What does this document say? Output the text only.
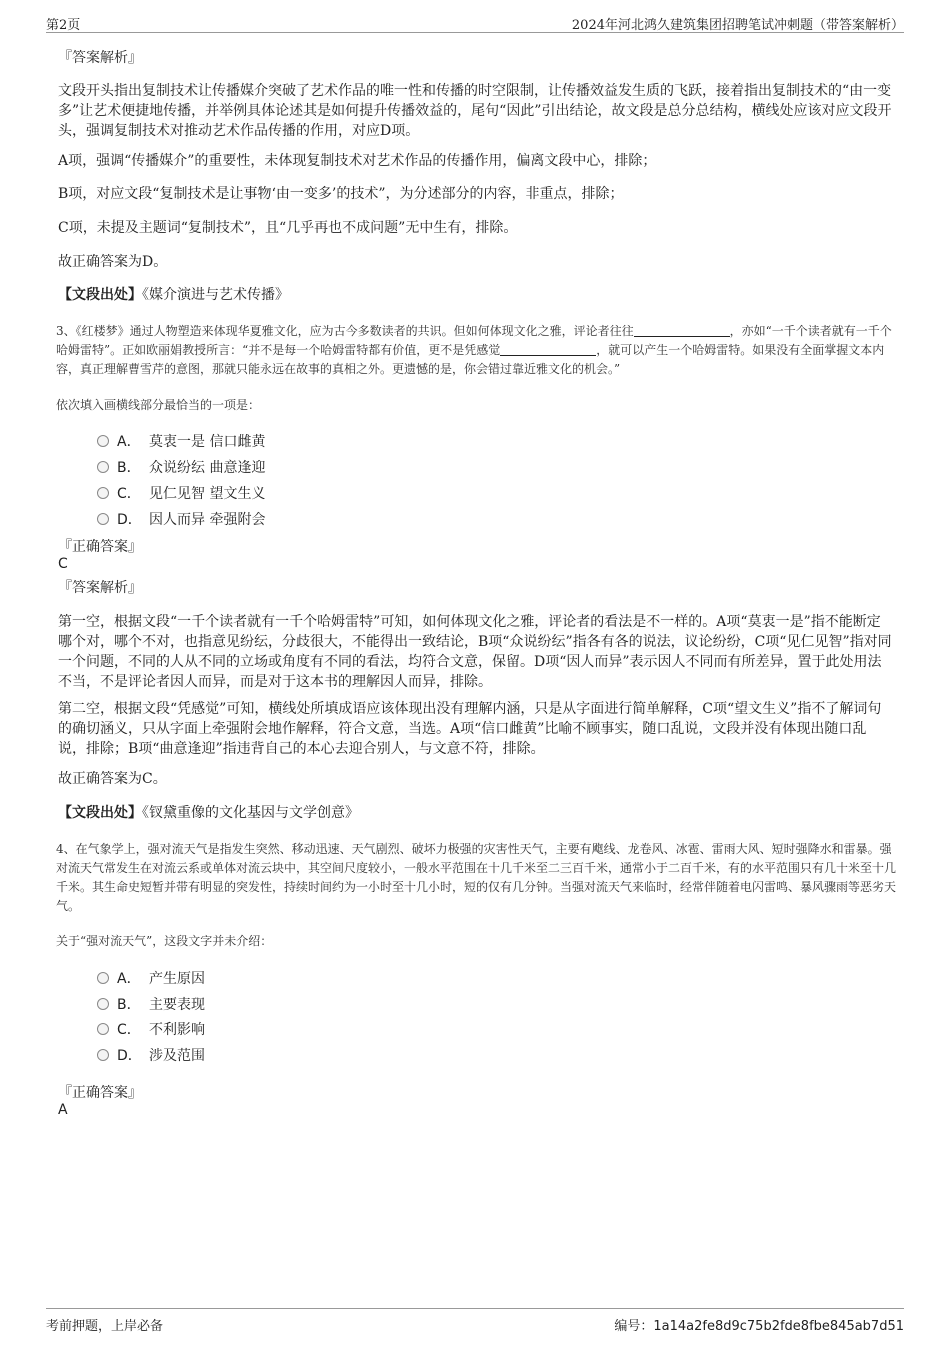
第2页	2024年河北鸿久建筑集团招聘笔试冲刺题（带答案解析）
『答案解析』
文段开头指出复制技术让传播媒介突破了艺术作品的唯一性和传播的时空限制，让传播效益发生质的飞跃，接着指出复制技术的“由一变多”让艺术便捷地传播，并举例具体论述其是如何提升传播效益的，尾句“因此”引出结论，故文段是总分总结构，横线处应该对应文段开头，强调复制技术对推动艺术作品传播的作用，对应D项。
A项，强调“传播媒介”的重要性，未体现复制技术对艺术作品的传播作用，偏离文段中心，排除；
B项，对应文段“复制技术是让事物‘由一变多’的技术”，为分述部分的内容，非重点，排除；
C项，未提及主题词“复制技术”，且“几乎再也不成问题”无中生有，排除。
故正确答案为D。
【文段出处】《媒介演进与艺术传播》
3、《红楼梦》通过人物塑造来体现华夏雅文化，应为古今多数读者的共识。但如何体现文化之雅，评论者往往	，亦如“一千个读者就有一千个哈姆雷特”。正如欧丽娟教授所言：“并不是每一个哈姆雷特都有价值，更不是凭感觉	，就可以产生一个哈姆雷特。如果没有全面掌握文本内容，真正理解曹雪芹的意图，那就只能永远在故事的真相之外。更遗憾的是，你会错过靠近雅文化的机会。”
依次填入画横线部分最恰当的一项是：
A． 莫衷一是 信口雌黄
B． 众说纷纭 曲意逢迎
C． 见仁见智 望文生义
D． 因人而异 牵强附会
『正确答案』
C
『答案解析』
第一空，根据文段“一千个读者就有一千个哈姆雷特”可知，如何体现文化之雅，评论者的看法是不一样的。A项“莫衷一是”指不能断定哪个对，哪个不对，也指意见纷纭，分歧很大，不能得出一致结论，B项“众说纷纭”指各有各的说法，议论纷纷，C项“见仁见智”指对同一个问题，不同的人从不同的立场或角度有不同的看法，均符合文意，保留。D项“因人而异”表示因人不同而有所差异，置于此处用法不当，不是评论者因人而异，而是对于这本书的理解因人而异，排除。
第二空，根据文段“凭感觉”可知，横线处所填成语应该体现出没有理解内涵，只是从字面进行简单解释，C项“望文生义”指不了解词句的确切涵义，只从字面上牵强附会地作解释，符合文意，当选。A项“信口雌黄”比喻不顾事实，随口乱说，文段并没有体现出随口乱说，排除；B项“曲意逢迎”指违背自己的本心去迎合别人，与文意不符，排除。
故正确答案为C。
【文段出处】《钗黛重像的文化基因与文学创意》
4、在气象学上，强对流天气是指发生突然、移动迅速、天气剧烈、破坏力极强的灾害性天气，主要有飑线、龙卷风、冰雹、雷雨大风、短时强降水和雷暴。强对流天气常发生在对流云系或单体对流云块中，其空间尺度较小，一般水平范围在十几千米至二三百千米，通常小于二百千米，有的水平范围只有几十米至十几千米。其生命史短暂并带有明显的突发性，持续时间约为一小时至十几小时，短的仅有几分钟。当强对流天气来临时，经常伴随着电闪雷鸣、暴风骤雨等恶劣天气。
关于“强对流天气”，这段文字并未介绍：
A． 产生原因
B． 主要表现
C． 不利影响
D． 涉及范围
『正确答案』
A
考前押题，上岸必备	编号：1a14a2fe8d9c75b2fde8fbe845ab7d51
